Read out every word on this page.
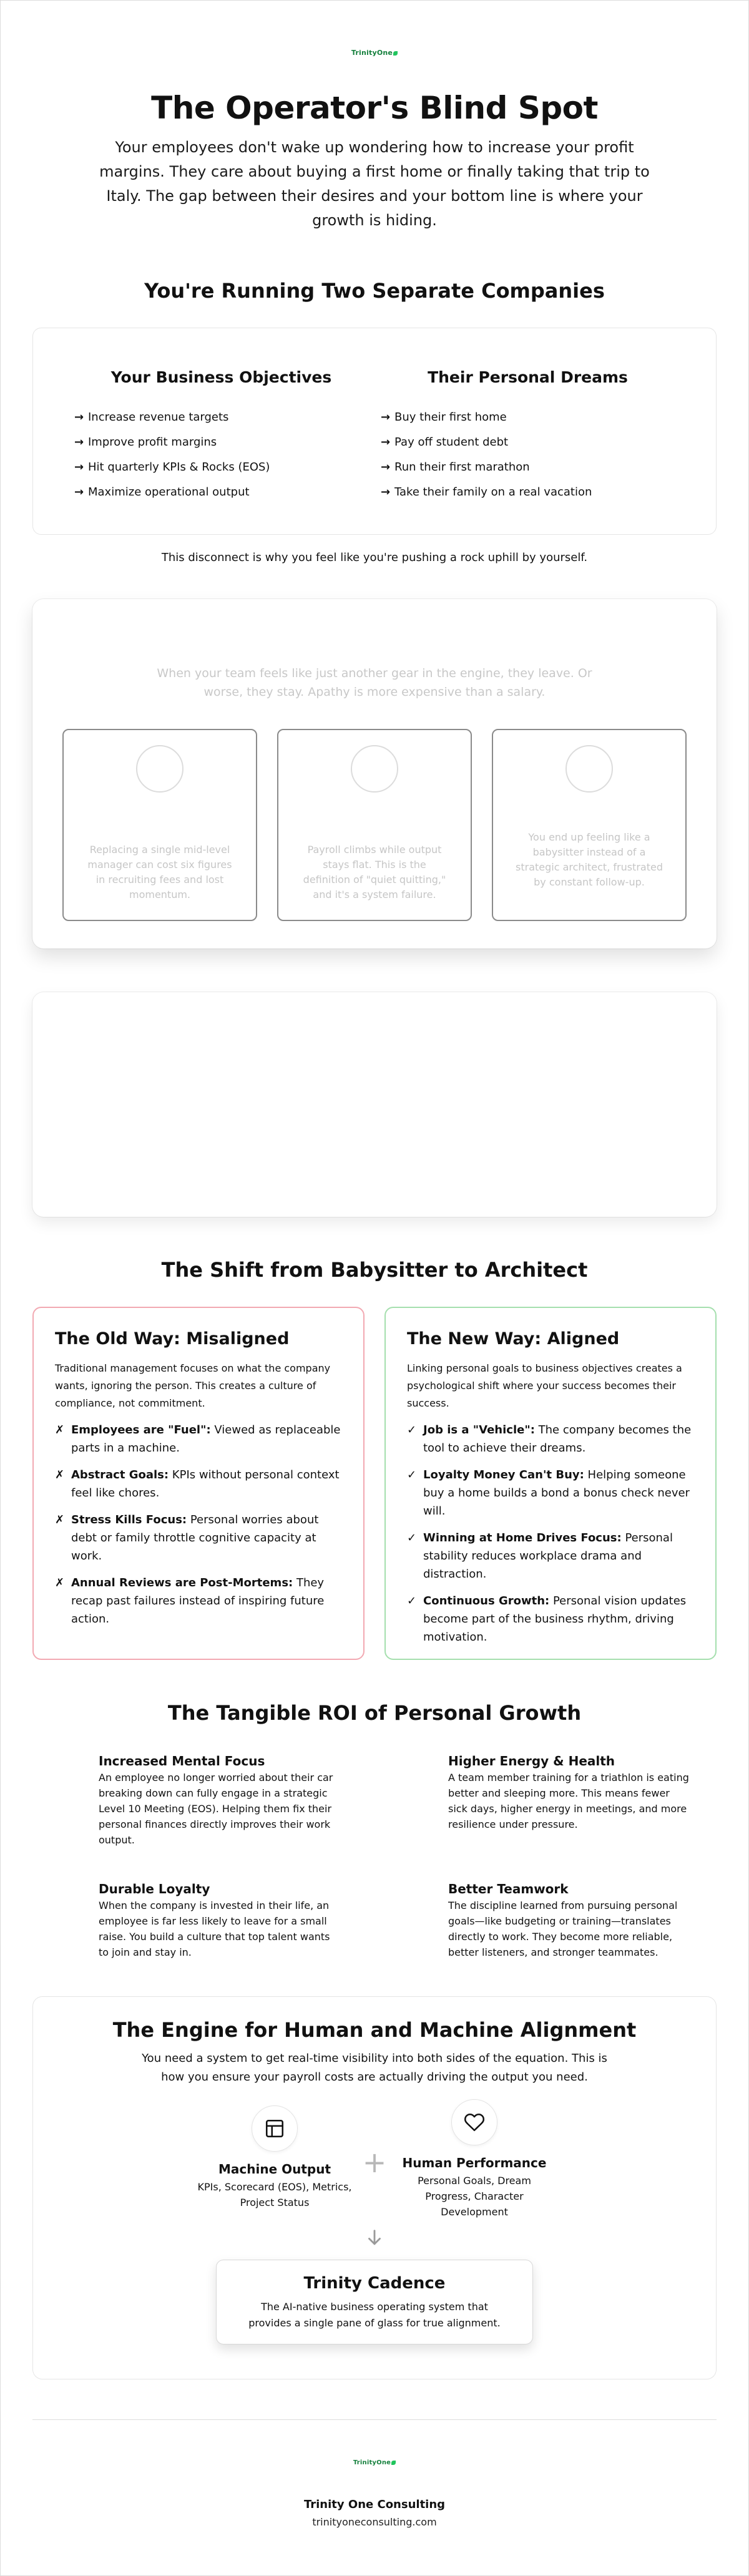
TrinityOne
The Operator's Blind Spot

Your employees don't wake up wondering how to increase your profit margins. They care about buying a first home or finally taking that trip to Italy. The gap between their desires and your bottom line is where your growth is hiding.

You're Running Two Separate Companies
Your Business Objectives
→ Increase revenue targets
→ Improve profit margins
→ Hit quarterly KPIs & Rocks (EOS)
→ Maximize operational output
Their Personal Dreams
→ Buy their first home
→ Pay off student debt
→ Run their first marathon
→ Take their family on a real vacation

This disconnect is why you feel like you're pushing a rock uphill by yourself.

When your team feels like just another gear in the engine, they leave. Or worse, they stay. Apathy is more expensive than a salary.

Replacing a single mid-level manager can cost six figures in recruiting fees and lost momentum.

Payroll climbs while output stays flat. This is the definition of "quiet quitting," and it's a system failure.

You end up feeling like a babysitter instead of a strategic architect, frustrated by constant follow-up.

The Shift from Babysitter to Architect
The Old Way: Misaligned

Traditional management focuses on what the company wants, ignoring the person. This creates a culture of compliance, not commitment.

✗ Employees are "Fuel": Viewed as replaceable parts in a machine.
✗ Abstract Goals: KPIs without personal context feel like chores.
✗ Stress Kills Focus: Personal worries about debt or family throttle cognitive capacity at work.
✗ Annual Reviews are Post-Mortems: They recap past failures instead of inspiring future action.
The New Way: Aligned

Linking personal goals to business objectives creates a psychological shift where your success becomes their success.

✓ Job is a "Vehicle": The company becomes the tool to achieve their dreams.
✓ Loyalty Money Can't Buy: Helping someone buy a home builds a bond a bonus check never will.
✓ Winning at Home Drives Focus: Personal stability reduces workplace drama and distraction.
✓ Continuous Growth: Personal vision updates become part of the business rhythm, driving motivation.
The Tangible ROI of Personal Growth
Increased Mental Focus

An employee no longer worried about their car breaking down can fully engage in a strategic Level 10 Meeting (EOS). Helping them fix their personal finances directly improves their work output.

Higher Energy & Health

A team member training for a triathlon is eating better and sleeping more. This means fewer sick days, higher energy in meetings, and more resilience under pressure.

Durable Loyalty

When the company is invested in their life, an employee is far less likely to leave for a small raise. You build a culture that top talent wants to join and stay in.

Better Teamwork

The discipline learned from pursuing personal goals—like budgeting or training—translates directly to work. They become more reliable, better listeners, and stronger teammates.

The Engine for Human and Machine Alignment

You need a system to get real-time visibility into both sides of the equation. This is how you ensure your payroll costs are actually driving the output you need.

Machine Output

KPIs, Scorecard (EOS), Metrics, Project Status

+	Human Performance

Personal Goals, Dream Progress, Character Development

Trinity Cadence

The AI-native business operating system that provides a single pane of glass for true alignment.

TrinityOne
Trinity One Consulting
trinityoneconsulting.com
